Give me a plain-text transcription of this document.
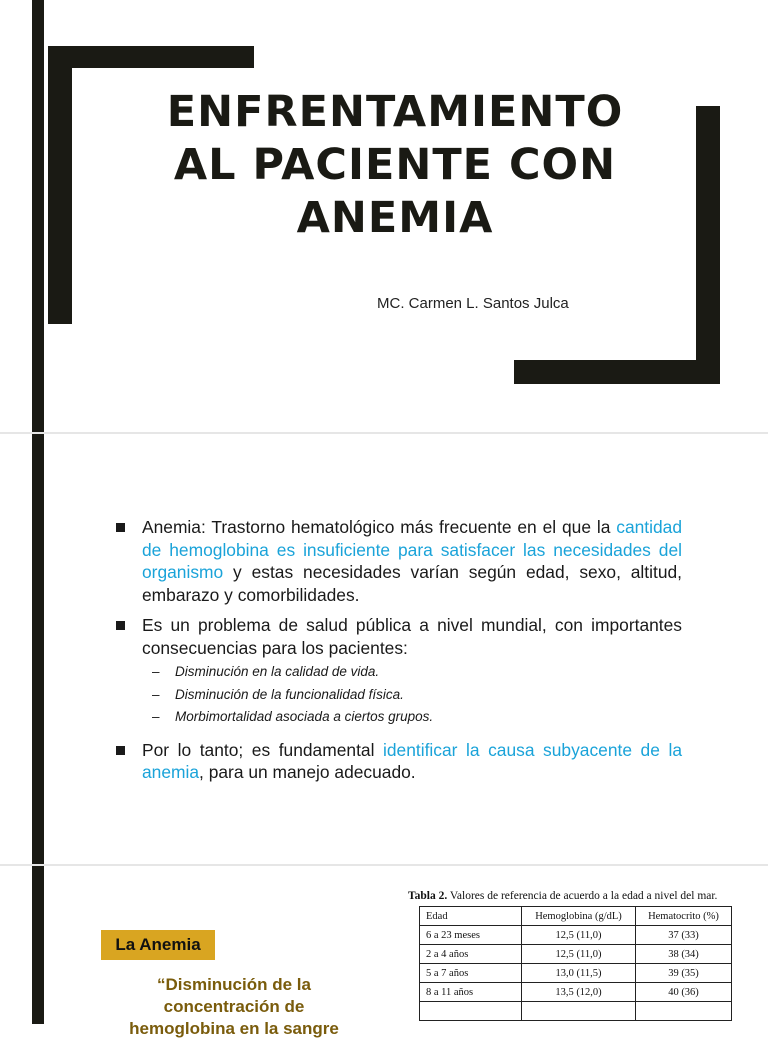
ENFRENTAMIENTO
AL PACIENTE CON
ANEMIA
MC. Carmen L. Santos Julca
Anemia: Trastorno hematológico más frecuente en el que la cantidad de hemoglobina es insuficiente para satisfacer las necesidades del organismo y estas necesidades varían según edad, sexo, altitud, embarazo y comorbilidades.
Es un problema de salud pública a nivel mundial, con importantes consecuencias para los pacientes:
– Disminución en la calidad de vida.
– Disminución de la funcionalidad física.
– Morbimortalidad asociada a ciertos grupos.
Por lo tanto; es fundamental identificar la causa subyacente de la anemia, para un manejo adecuado.
La Anemia
“Disminución de la
concentración de
hemoglobina en la sangre
Tabla 2. Valores de referencia de acuerdo a la edad a nivel del mar.
Edad	Hemoglobina (g/dL)	Hematocrito (%)
6 a 23 meses	12,5 (11,0)	37 (33)
2 a 4 años	12,5 (11,0)	38 (34)
5 a 7 años	13,0 (11,5)	39 (35)
8 a 11 años	13,5 (12,0)	40 (36)
